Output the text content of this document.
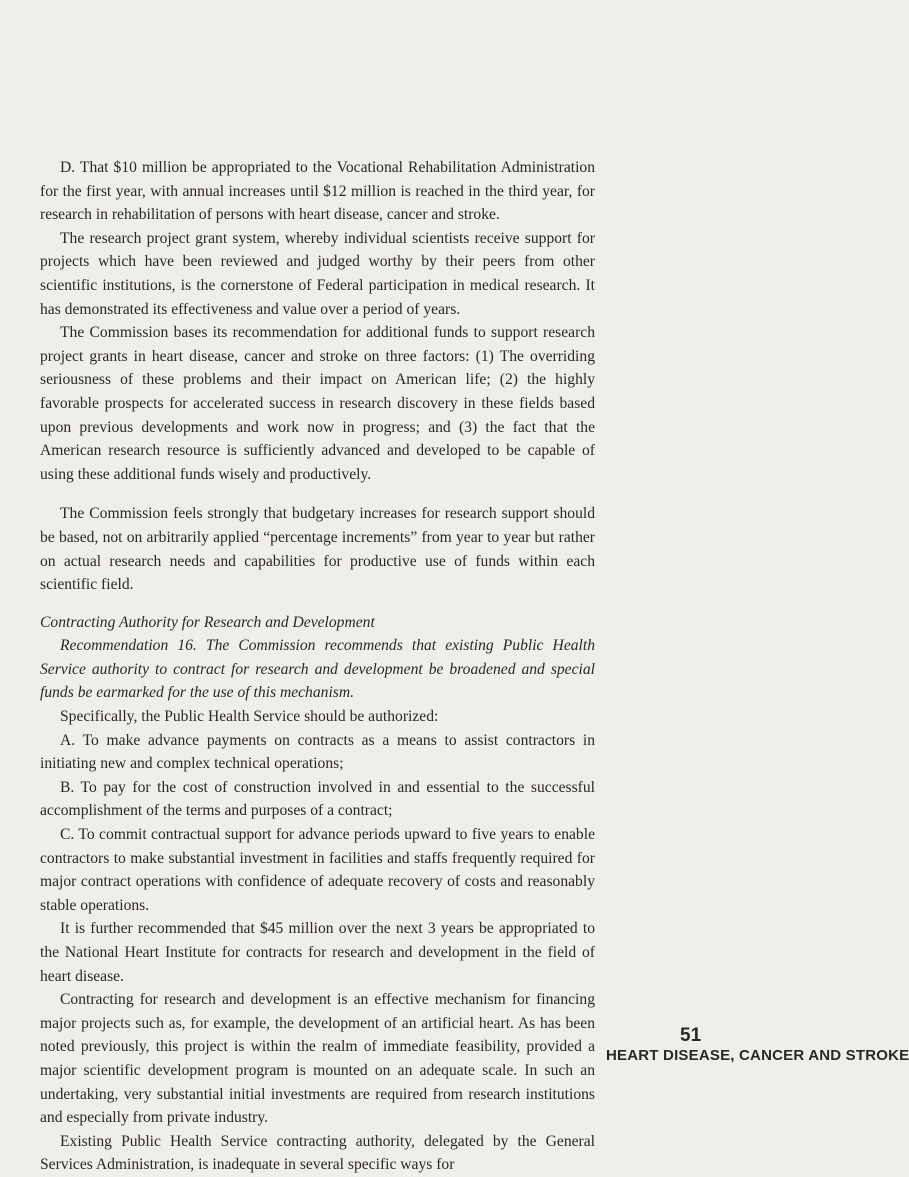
D. That $10 million be appropriated to the Vocational Rehabilitation Administration for the first year, with annual increases until $12 million is reached in the third year, for research in rehabilitation of persons with heart disease, cancer and stroke.

The research project grant system, whereby individual scientists receive support for projects which have been reviewed and judged worthy by their peers from other scientific institutions, is the cornerstone of Federal participation in medical research. It has demonstrated its effectiveness and value over a period of years.

The Commission bases its recommendation for additional funds to support research project grants in heart disease, cancer and stroke on three factors: (1) The overriding seriousness of these problems and their impact on American life; (2) the highly favorable prospects for accelerated success in research discovery in these fields based upon previous developments and work now in progress; and (3) the fact that the American research resource is sufficiently advanced and developed to be capable of using these additional funds wisely and productively.

The Commission feels strongly that budgetary increases for research support should be based, not on arbitrarily applied “percentage increments” from year to year but rather on actual research needs and capabilities for productive use of funds within each scientific field.

Contracting Authority for Research and Development

Recommendation 16. The Commission recommends that existing Public Health Service authority to contract for research and development be broadened and special funds be earmarked for the use of this mechanism.

Specifically, the Public Health Service should be authorized:

A. To make advance payments on contracts as a means to assist contractors in initiating new and complex technical operations;

B. To pay for the cost of construction involved in and essential to the successful accomplishment of the terms and purposes of a contract;

C. To commit contractual support for advance periods upward to five years to enable contractors to make substantial investment in facilities and staffs frequently required for major contract operations with confidence of adequate recovery of costs and reasonably stable operations.

It is further recommended that $45 million over the next 3 years be appropriated to the National Heart Institute for contracts for research and development in the field of heart disease.

Contracting for research and development is an effective mechanism for financing major projects such as, for example, the development of an artificial heart. As has been noted previously, this project is within the realm of immediate feasibility, provided a major scientific development program is mounted on an adequate scale. In such an undertaking, very substantial initial investments are required from research institutions and especially from private industry.

Existing Public Health Service contracting authority, delegated by the General Services Administration, is inadequate in several specific ways for

51
HEART DISEASE, CANCER AND STROKE
